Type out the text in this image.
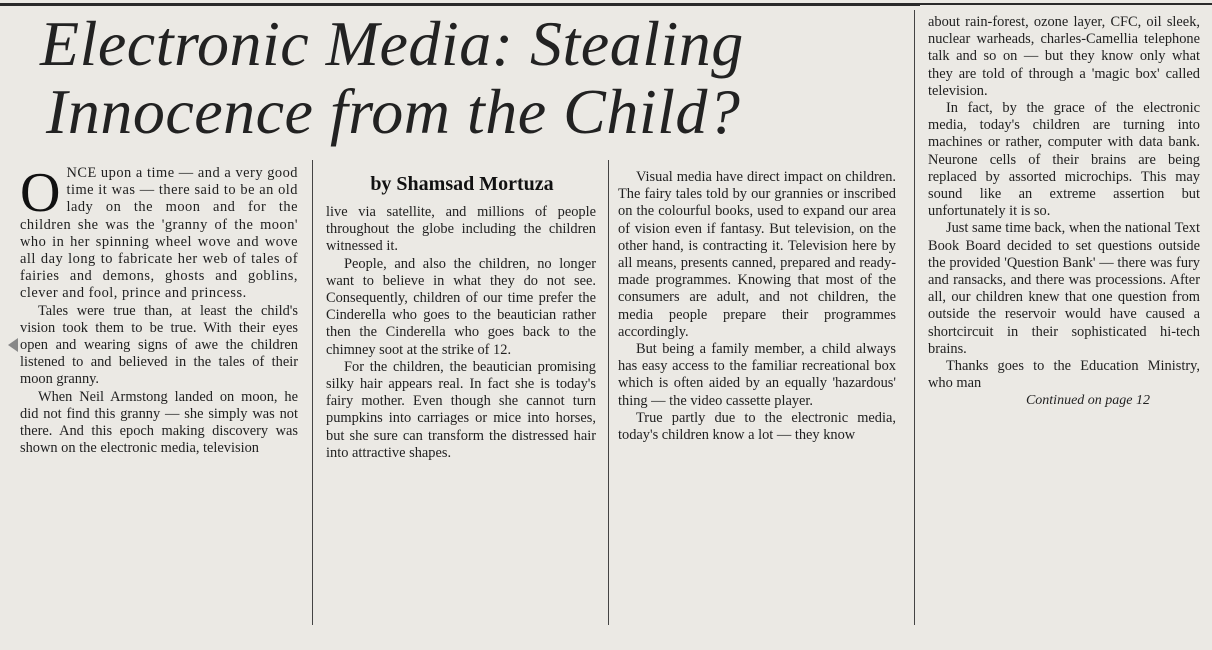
Electronic Media: Stealing
Innocence from the Child?

ONCE upon a time — and a very good time it was — there said to be an old lady on the moon and for the children she was the 'granny of the moon' who in her spinning wheel wove and wove all day long to fabricate her web of tales of fairies and demons, ghosts and goblins, clever and fool, prince and princess.

Tales were true than, at least the child's vision took them to be true. With their eyes open and wearing signs of awe the children listened to and believed in the tales of their moon granny.

When Neil Armstong landed on moon, he did not find this granny — she simply was not there. And this epoch making discovery was shown on the electronic media, television

by Shamsad Mortuza

live via satellite, and millions of people throughout the globe including the children witnessed it.

People, and also the children, no longer want to believe in what they do not see. Consequently, children of our time prefer the Cinderella who goes to the beautician rather then the Cinderella who goes back to the chimney soot at the strike of 12.

For the children, the beautician promising silky hair appears real. In fact she is today's fairy mother. Even though she cannot turn pumpkins into carriages or mice into horses, but she sure can transform the distressed hair into attractive shapes.

Visual media have direct impact on children. The fairy tales told by our grannies or inscribed on the colourful books, used to expand our area of vision even if fantasy. But television, on the other hand, is contracting it. Television here by all means, presents canned, prepared and ready-made programmes. Knowing that most of the consumers are adult, and not children, the media people prepare their programmes accordingly.

But being a family member, a child always has easy access to the familiar recreational box which is often aided by an equally 'hazardous' thing — the video cassette player.

True partly due to the electronic media, today's children know a lot — they know

about rain-forest, ozone layer, CFC, oil sleek, nuclear warheads, charles-Camellia telephone talk and so on — but they know only what they are told of through a 'magic box' called television.

In fact, by the grace of the electronic media, today's children are turning into machines or rather, computer with data bank. Neurone cells of their brains are being replaced by assorted microchips. This may sound like an extreme assertion but unfortunately it is so.

Just same time back, when the national Text Book Board decided to set questions outside the provided 'Question Bank' — there was fury and ransacks, and there was processions. After all, our children knew that one question from outside the reservoir would have caused a shortcircuit in their sophisticated hi-tech brains.

Thanks goes to the Education Ministry, who man

Continued on page 12
